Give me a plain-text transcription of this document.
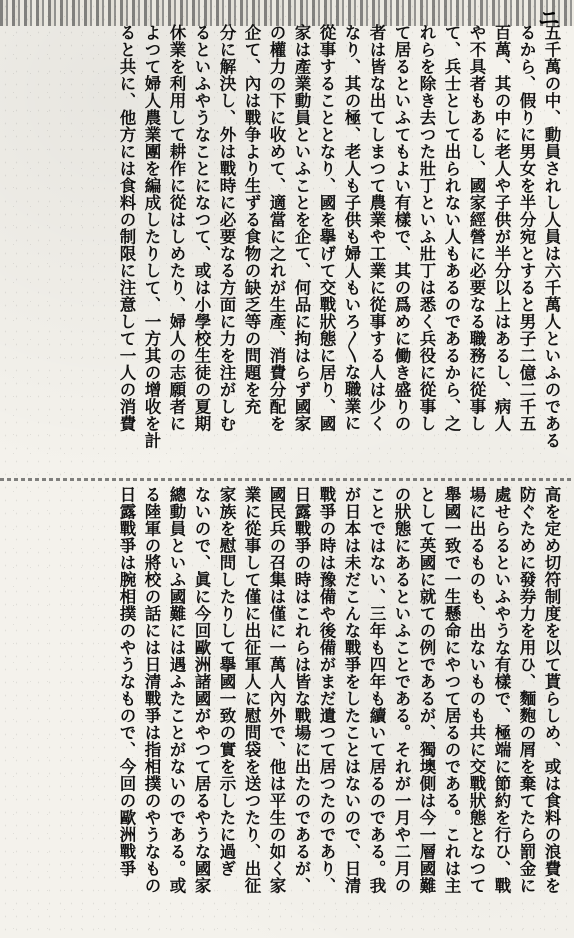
ニ
五千萬の中、動員されし人員は六千萬人といふのである
るから、假りに男女を半分宛とすると男子二億二千五
百萬、其の中に老人や子供が半分以上はあるし、病人
や不具者もあるし、國家經營に必要なる職務に從事し
て、兵士として出られない人もあるのであるから、之
れらを除き去つた壯丁といふ壯丁は悉く兵役に從事し
て居るといふてもよい有樣で、其の爲めに働き盛りの
者は皆な出てしまつて農業や工業に從事する人は少く
なり、其の極、老人も子供も婦人もいろ〳〵な職業に
從事することとなり、國を擧げて交戰狀態に居り、國
家は產業動員といふことを企て、何品に拘はらず國家
の權力の下に收めて、適當に之れが生產、消費分配を
企て、內は戰争より生ずる食物の缺乏等の問題を充
分に解決し、外は戰時に必要なる方面に力を注がしむ
るといふやうなことになつて、或は小學校生徒の夏期
休業を利用して耕作に從はしめたり、婦人の志願者に
よつて婦人農業團を編成したりして、一方其の增收を計
ると共に、他方には食料の制限に注意して一人の消費
高を定め切符制度を以て貰らしめ、或は食料の浪費を
防ぐために發券力を用ひ、麵麭の屑を棄てたら罰金に
處せらるといふやうな有樣で、極端に節約を行ひ、戰
場に出るものも、出ないものも共に交戰狀態となつて
舉國一致で一生懸命にやつて居るのである。これは主
として英國に就ての例であるが、獨墺側は今一層國難
の狀態にあるといふことである。それが一月や二月の
ことではない、三年も四年も續いて居るのである。我
が日本は未だこんな戰爭をしたことはないので、日清
戰爭の時は豫備や後備がまだ遺つて居つたのであり、
日露戰爭の時はこれらは皆な戰場に出たのであるが、
國民兵の召集は僅に一萬人內外で、他は平生の如く家
業に從事して僅に出征軍人に慰問袋を送つたり、出征
家族を慰問したりして擧國一致の實を示したに過ぎ
ないので、眞に今回歐洲諸國がやつて居るやうな國家
總動員といふ國難には遇ふたことがないのである。或
る陸軍の將校の話には日清戰爭は指相撲のやうなもの
日露戰爭は腕相撲のやうなもので、今回の歐洲戰爭
